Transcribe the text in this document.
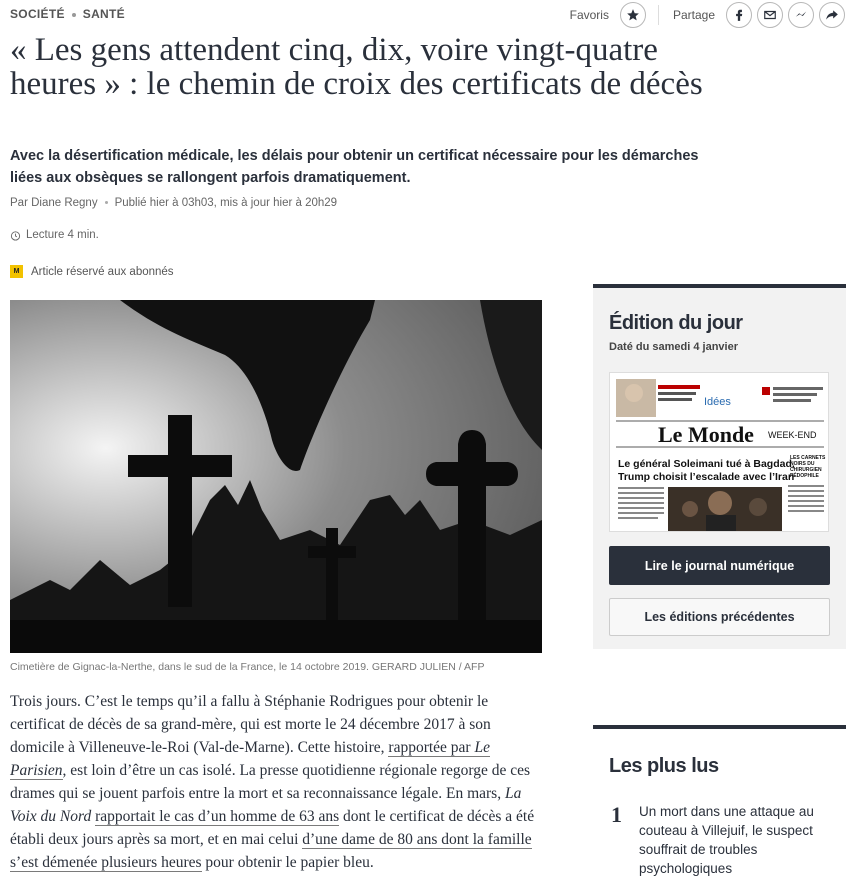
SOCIÉTÉ SANTÉ	Favoris	Partage
« Les gens attendent cinq, dix, voire vingt-quatre heures » : le chemin de croix des certificats de décès

Avec la désertification médicale, les délais pour obtenir un certificat nécessaire pour les démarches liées aux obsèques se rallongent parfois dramatiquement.

Par Diane Regny Publié hier à 03h03, mis à jour hier à 20h29
Lecture 4 min.
M	Article réservé aux abonnés
Cimetière de Gignac-la-Nerthe, dans le sud de la France, le 14 octobre 2019. GERARD JULIEN / AFP
Trois jours. C’est le temps qu’il a fallu à Stéphanie Rodrigues pour obtenir le certificat de décès de sa grand-mère, qui est morte le 24 décembre 2017 à son domicile à Villeneuve-le-Roi (Val-de-Marne). Cette histoire, rapportée par Le Parisien, est loin d’être un cas isolé. La presse quotidienne régionale regorge de ces drames qui se jouent parfois entre la mort et sa reconnaissance légale. En mars, La Voix du Nord rapportait le cas d’un homme de 63 ans dont le certificat de décès a été établi deux jours après sa mort, et en mai celui d’une dame de 80 ans dont la famille s’est démenée plusieurs heures pour obtenir le papier bleu.
Édition du jour
Daté du samedi 4 janvier
Idées
Le Monde WEEK-END
Le général Soleimani tué à Bagdad,
Trump choisit l’escalade avec l’Iran
LES CARNETS
NOIRS DU
CHIRURGIEN
PÉDOPHILE
Lire le journal numérique
Les éditions précédentes
Les plus lus
1 Un mort dans une attaque au couteau à Villejuif, le suspect souffrait de troubles psychologiques
